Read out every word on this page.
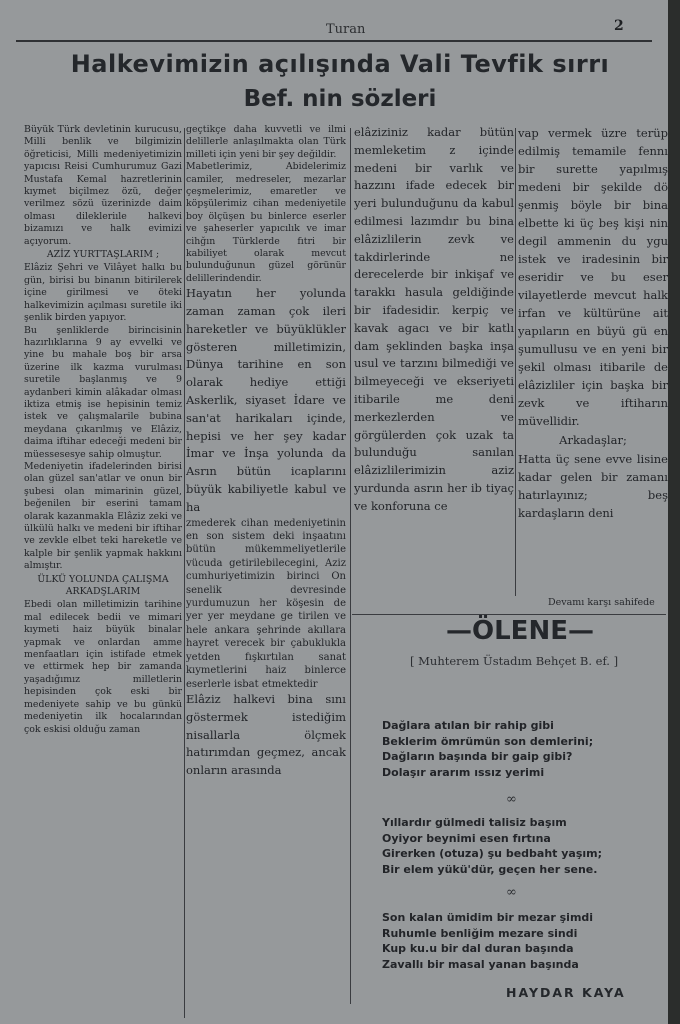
Turan	2
Halkevimizin açılışında Vali Tevfik sırrı
Bef. nin sözleri

Büyük Türk devletinin kurucusu, Milli benlik ve bilgimizin öğreticisi, Milli medeniyetimizin yapıcısı Reisi Cumhurumuz Gazi Mustafa Kemal hazretlerinin kıymet biçilmez özü, değer verilmez sözü üzerinizde daim olması dilekleriıle halkevi bizamızı ve halk evimizi açıyorum.

AZİZ YURTTAŞLARIM ;

Elâziz Şehri ve Vilâyet halkı bu gün, birisi bu binanın bitirilerek içine girilmesi ve öteki halkevimizin açılması suretile iki şenlik birden yapıyor.

Bu şenliklerde birincisinin hazırlıklarına 9 ay evvelki ve yine bu mahale boş bir arsa üzerine ilk kazma vurulması suretile başlanmış ve 9 aydanberi kimin alâkadar olması iktiza etmiş ise hepisinin temiz istek ve çalışmalarile bubina meydana çıkarılmış ve Elâziz, daima iftihar edeceği medeni bir müessesesye sahip olmuştur.

Medeniyetin ifadelerinden birisi olan güzel san'atlar ve onun bir şubesi olan mimarinin güzel, beğenilen bir eserini tamam olarak kazanmakla Elâziz zeki ve ülkülü halkı ve medeni bir iftihar ve zevkle elbet teki hareketle ve kalple bir şenlik yapmak hakkını almıştır.

ÜLKÜ YOLUNDA ÇALIŞMA ARKADŞLARIM

Ebedi olan milletimizin tarihine mal edilecek bedii ve mimari kıymeti haiz büyük binalar yapmak ve onlardan amme menfaatları için istifade etmek ve ettirmek hep bir zamanda yaşadığımız milletlerin hepisinden çok eski bir medeniyete sahip ve bu günkü medeniyetin ilk hocalarından çok eskisi olduğu zaman

geçtikçe daha kuvvetli ve ilmi delillerle anlaşılmakta olan Türk milleti için yeni bir şey değildir.

Mabetlerimiz, Abidelerimiz camiler, medreseler, mezarlar çeşmelerimiz, emaretler ve köpşülerimiz cihan medeniyetile boy ölçüşen bu binlerce eserler ve şaheserler yapıcılık ve imar cihğın Türklerde fıtri bir kabiliyet olarak mevcut bulunduğunun güzel görünür delillerindendir.

Hayatın her yolunda zaman zaman çok ileri hareketler ve büyüklükler gösteren milletimizin, Dünya tarihine en son olarak hediye ettiği Askerlik, siyaset İdare ve san'at harikaları içinde, hepisi ve her şey kadar İmar ve İnşa yolunda da Asrın bütün icaplarını büyük kabiliyetle kabul ve ha

zmederek cihan medeniyetinin en son sistem deki inşaatını bütün mükemmeliyetlerile vücuda getirilebilecegini, Aziz cumhuriyetimizin birinci On senelik devresinde yurdumuzun her köşesin de yer yer meydane ge tirilen ve hele ankara şehrinde akıllara hayret verecek bir çabuklukla yetden fışkırtılan sanat kıymetlerini haiz binlerce eserlerle isbat etmektedir

Elâziz halkevi bina sını göstermek istediğim nisallarla ölçmek hatırımdan geçmez, ancak onların arasında

elâziziniz kadar bütün memleketim z içinde medeni bir varlık ve hazzını ifade edecek bir yeri bulunduğunu da kabul edilmesi lazımdır bu bina elâzizlilerin zevk ve takdirlerinde ne derecelerde bir inkişaf ve tarakkı hasula geldiğinde bir ifadesidir. kerpiç ve kavak agacı ve bir katlı dam şeklinden başka inşa usul ve tarzını bilmediği ve bilmeyeceği ve ekseriyeti itibarile me deni merkezlerden ve görgülerden çok uzak ta bulunduğu sanılan elâzizlilerimizin aziz yurdunda asrın her ib tiyaç ve konforuna ce

vap vermek üzre terüp edilmiş temamile fennı bir surette yapılmış medeni bir şekilde dö şenmiş böyle bir bina elbette ki üç beş kişi nin degil ammenin du ygu istek ve iradesinin bir eseridir ve bu eser vilayetlerde mevcut halk irfan ve kültürüne ait yapıların en büyü gü en şumullusu ve en yeni bir şekil olması itibarile de elâzizliler için başka bir zevk ve iftiharın müvellidir.

Arkadaşlar;

Hatta üç sene evve lisine kadar gelen bir zamanı hatırlayınız; beş kardaşların deni

Devamı karşı sahifede
—ÖLENE—
[ Muhterem Üstadım Behçet B. ef. ]

Dağlara atılan bir rahip gibi

Beklerim ömrümün son demlerini;

Dağların başında bir gaip gibi?

Dolaşır ararım ıssız yerimi

∞

Yıllardır gülmedi talisiz başım

Oyiyor beynimi esen fırtına

Girerken (otuza) şu bedbaht yaşım;

Bir elem yükü'dür, geçen her sene.

∞

Son kalan ümidim bir mezar şimdi

Ruhumle benliğim mezare sindi

Kup ku.u bir dal duran başında

Zavallı bir masal yanan başında

HAYDAR KAYA
